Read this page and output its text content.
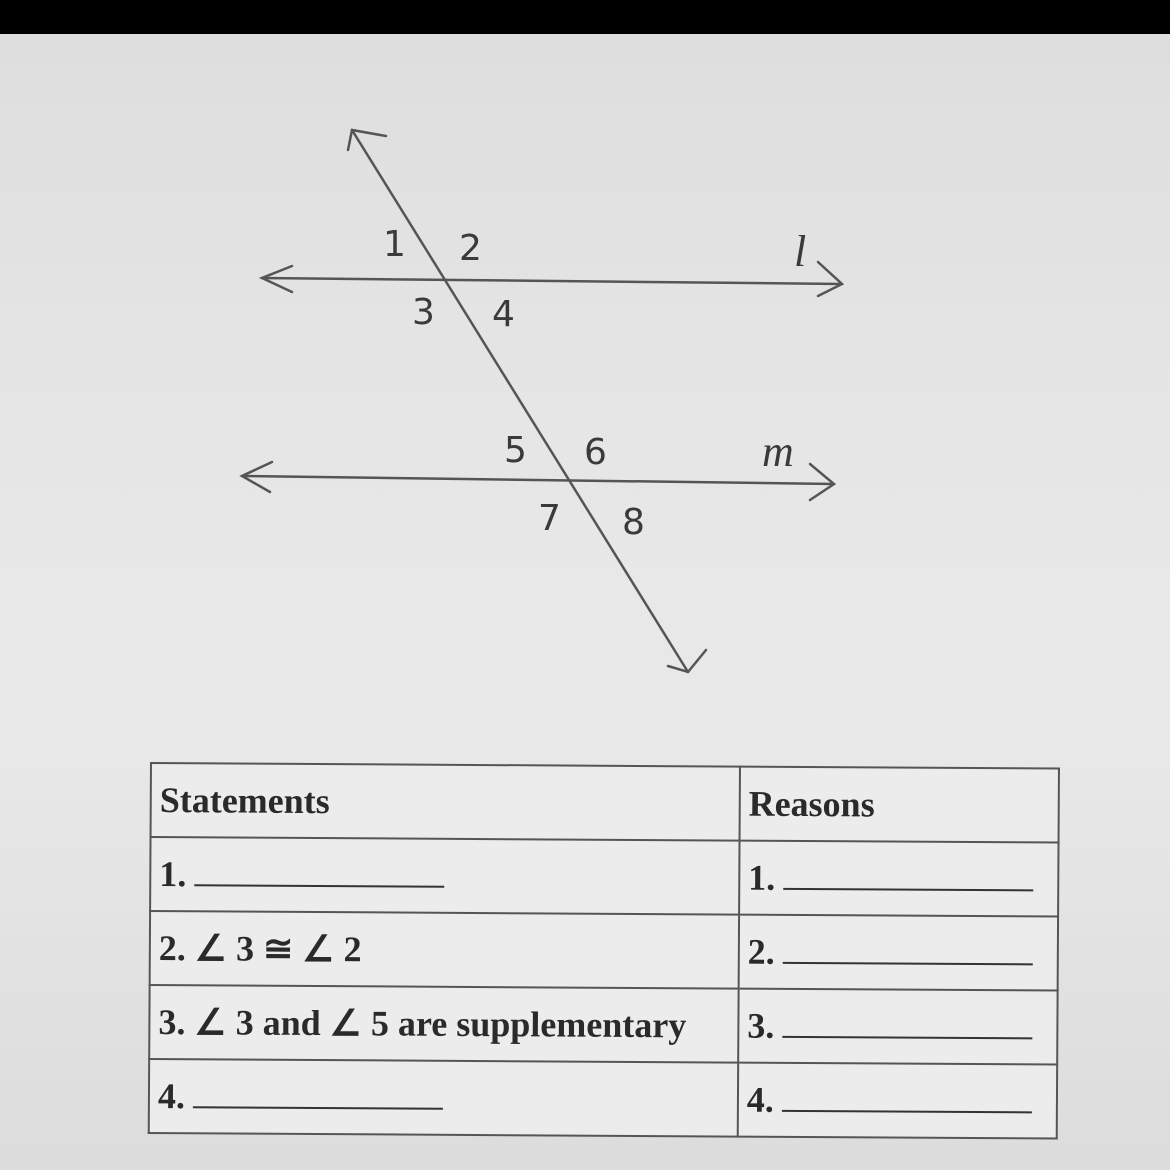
1 2
3 4
5 6
7 8
l
m
Statements	Reasons
1.	1.
2. ∠ 3 ≅ ∠ 2	2.
3. ∠ 3 and ∠ 5 are supplementary	3.
4.	4.
